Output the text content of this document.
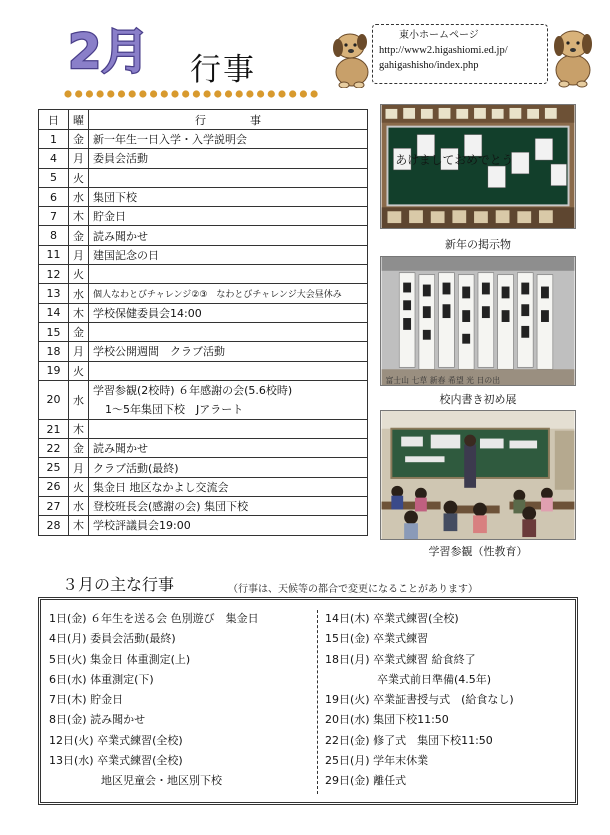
2月 行事
東小ホームページ
http://www2.higashiomi.ed.jp/
gahigashisho/index.php
日	曜	行　　　　事
1	金	新一年生一日入学・入学説明会
4	月	委員会活動
5	火	
6	水	集団下校
7	木	貯金日
8	金	読み聞かせ
11	月	建国記念の日
12	火	
13	水	個人なわとびチャレンジ②③　なわとびチャレンジ大会昼休み
14	木	学校保健委員会14:00
15	金	
18	月	学校公開週間　クラブ活動
19	火	
20	水	学習参観(2校時) ６年感謝の会(5.6校時)
1～5年集団下校　Jアラート

21	木	
22	金	読み聞かせ
25	月	クラブ活動(最終)
26	火	集金日 地区なかよし交流会
27	水	登校班長会(感謝の会) 集団下校
28	木	学校評議員会19:00
あけましておめでとう
新年の掲示物
富士山 七草 新春 希望 光 日の出
校内書き初め展
学習参観（性教育）
３月の主な行事	（行事は、天候等の都合で変更になることがあります）
1日(金) ６年生を送る会 色別遊び　集金日
4日(月) 委員会活動(最終)
5日(火) 集金日 体重測定(上)
6日(水) 体重測定(下)
7日(木) 貯金日
8日(金) 読み聞かせ
12日(火) 卒業式練習(全校)
13日(水) 卒業式練習(全校)
地区児童会・地区別下校
14日(木) 卒業式練習(全校)
15日(金) 卒業式練習
18日(月) 卒業式練習 給食終了
卒業式前日準備(4.5年)
19日(火) 卒業証書授与式　(給食なし)
20日(水) 集団下校11:50
22日(金) 修了式　集団下校11:50
25日(月) 学年末休業
29日(金) 離任式
